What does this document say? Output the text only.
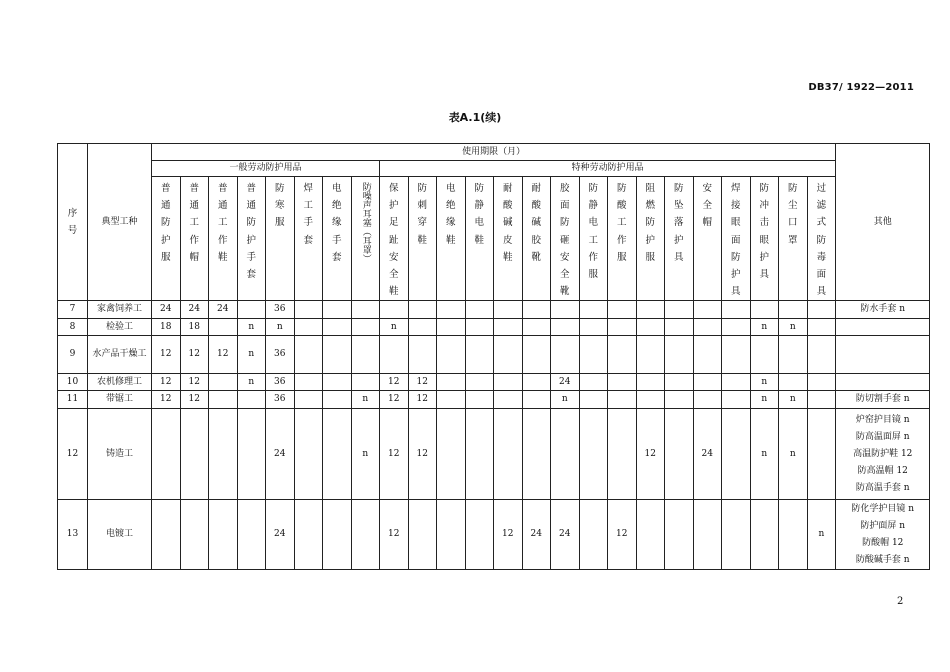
DB37/ 1922—2011
表A.1(续)
序号	典型工种	使用期限（月）																								其他
		一般劳动防护用品								特种劳动防护用品																
		普通防护服	普通工作帽	普通工作鞋	普通防护手套	防寒服	焊工手套	电绝缘手套	防噪声耳塞（耳罩）	保护足趾安全鞋	防刺穿鞋	电绝缘鞋	防静电鞋	耐酸碱皮鞋	耐酸碱胶靴	胶面防砸安全靴	防静电工作服	防酸工作服	阻燃防护服	防坠落护具	安全帽	焊接眼面防护具	防冲击眼护具	防尘口罩	过滤式防毒面具	
7	家禽饲养工	24	24	24		36																				防水手套 n

8	检验工	18	18		n	n				n													n	n		
9	水产品干燥工	12	12	12	n	36																				
10	农机修理工	12	12		n	36				12	12					24							n			
11	带锯工	12	12			36			n	12	12					n							n	n		防切割手套 n

12	铸造工					24			n	12	12								12		24		n	n		炉窑护目镜 n
防高温面屏 n
高温防护鞋 12
防高温帽 12
防高温手套 n

13	电镀工					24				12				12	24	24		12							n	防化学护目镜 n
防护面屏 n
防酸帽 12
防酸碱手套 n
2
